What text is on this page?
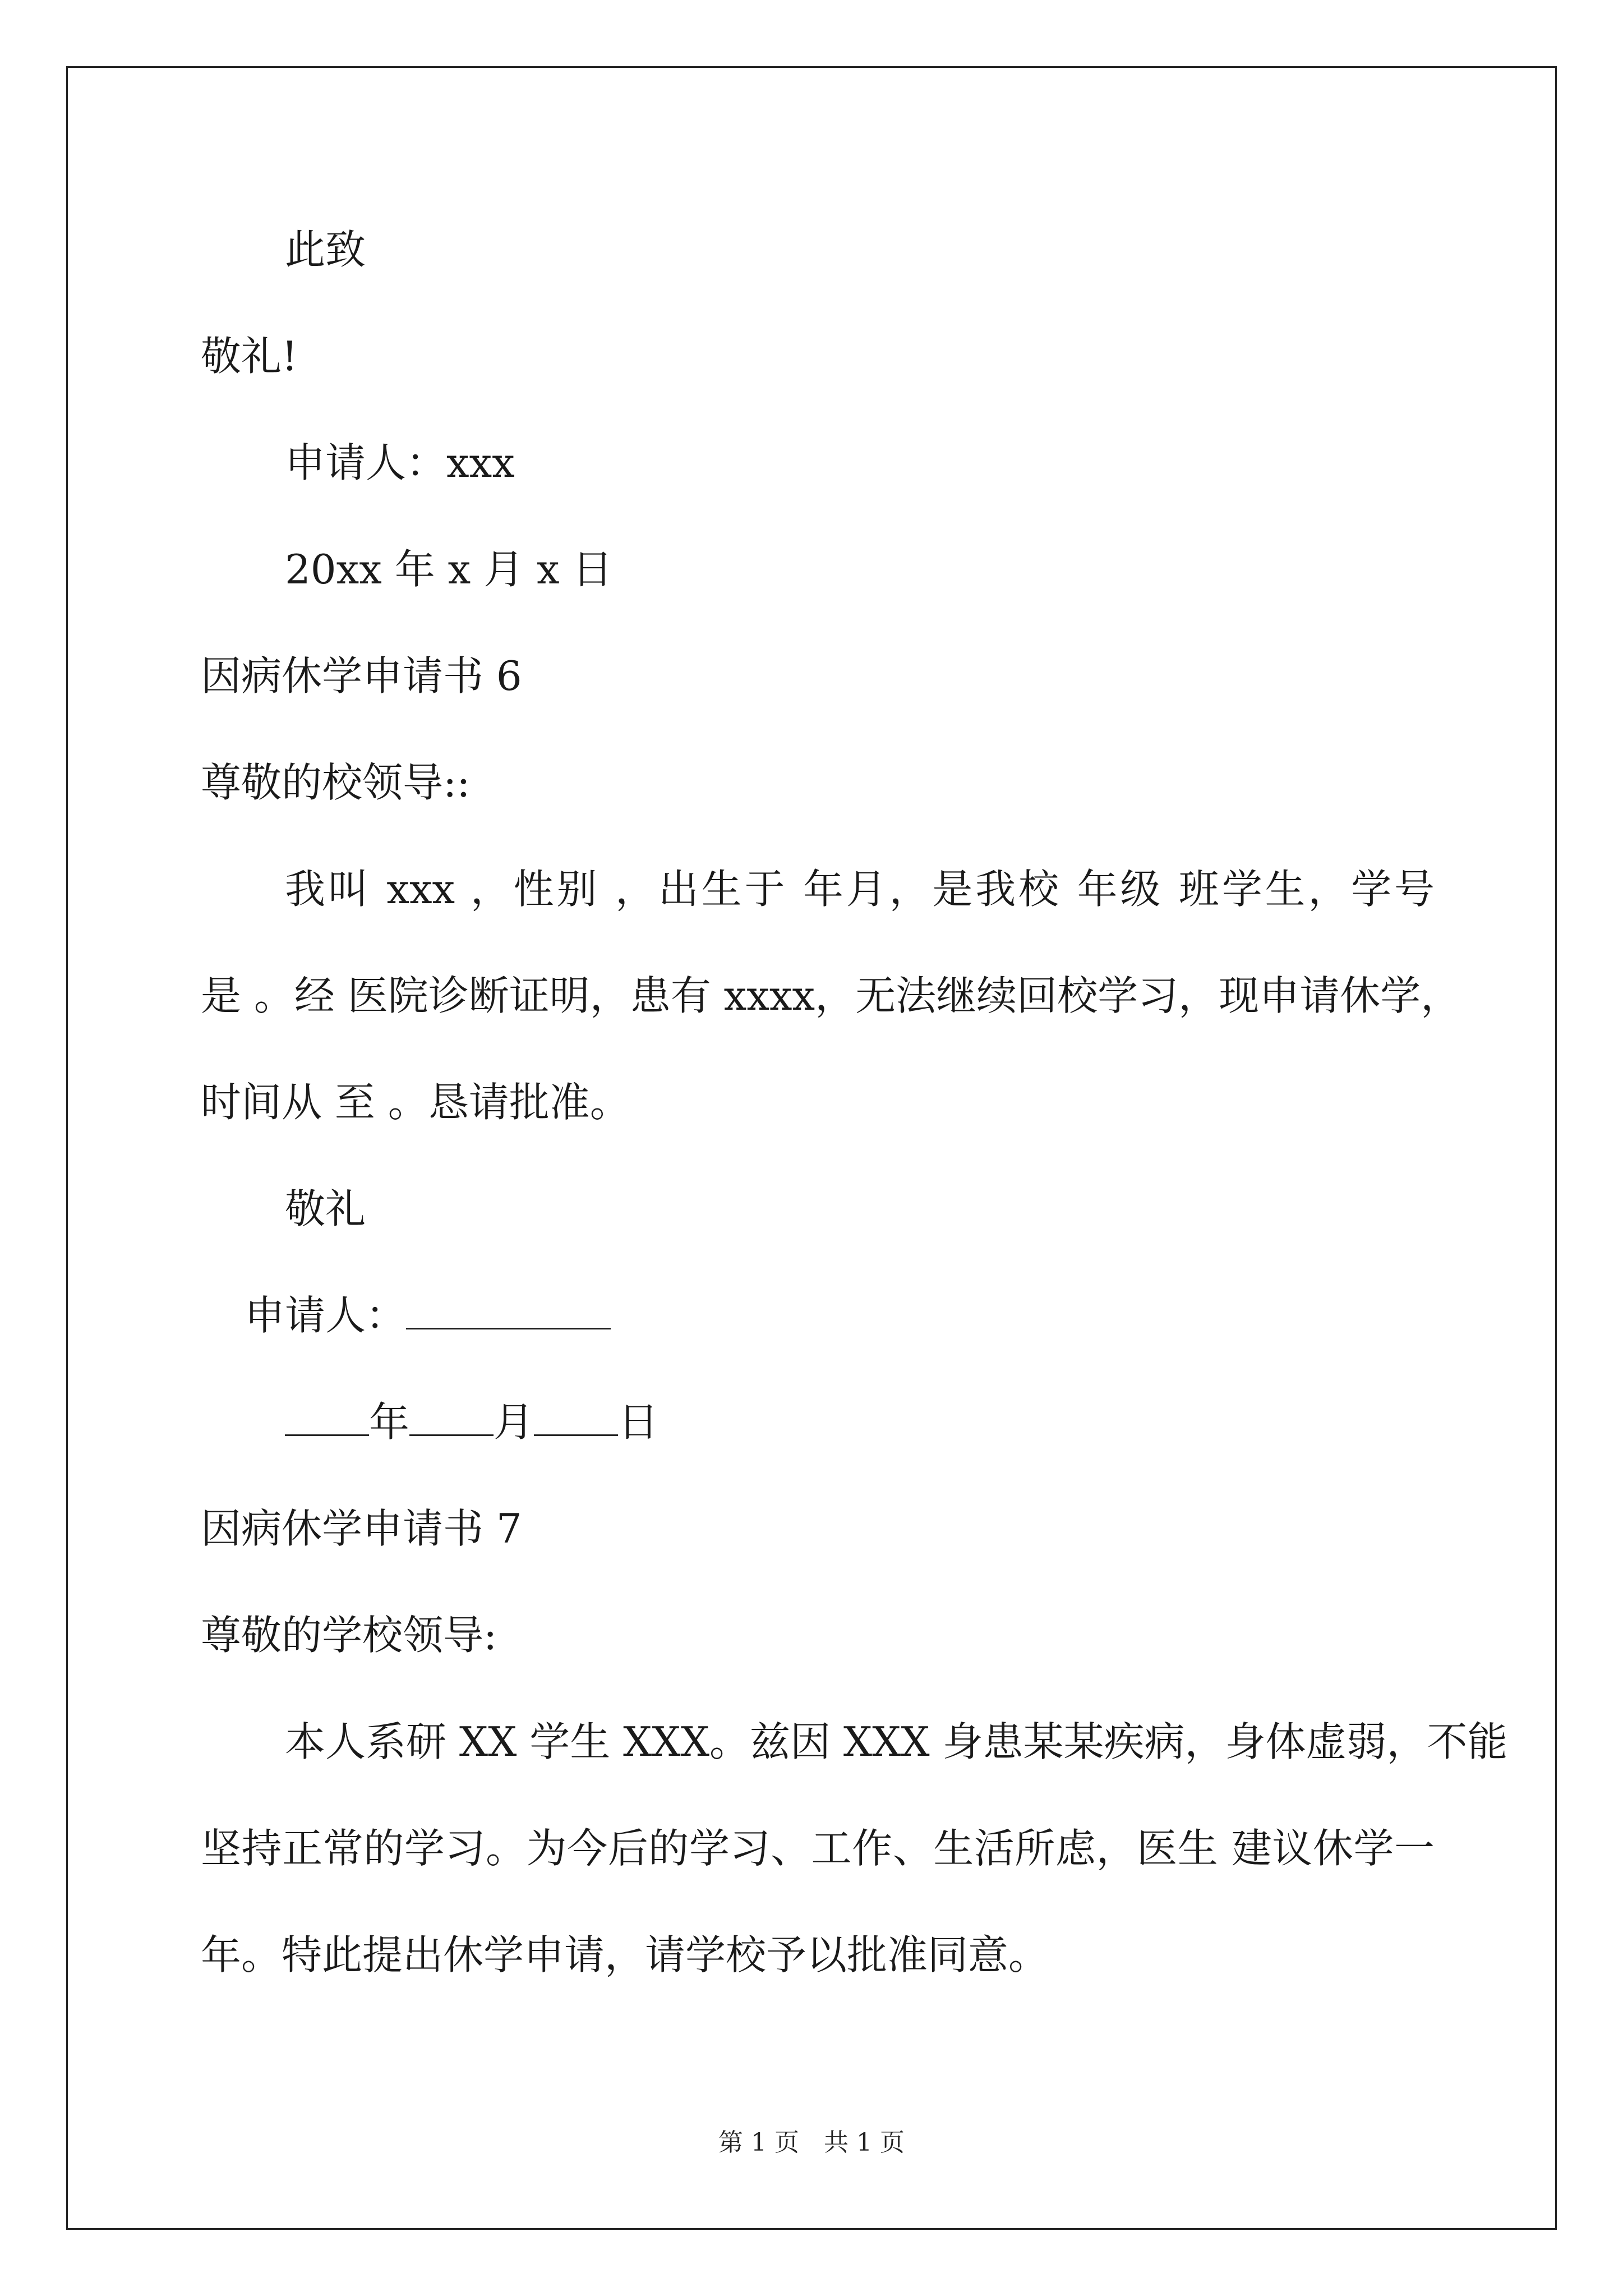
此致
敬礼!
申请人：xxx
20xx 年 x 月 x 日
因病休学申请书 6
尊敬的校领导::
我叫 xxx ，性别 ，出生于 年月，是我校 年级 班学生，学号
是 。经 医院诊断证明，患有 xxxx，无法继续回校学习，现申请休学，
时间从 至 。恳请批准。
敬礼
申请人：
年 月 日
因病休学申请书 7
尊敬的学校领导:
本人系研 XX 学生 XXX。兹因 XXX 身患某某疾病，身体虚弱，不能
坚持正常的学习。为今后的学习、工作、生活所虑，医生 建议休学一
年。特此提出休学申请，请学校予以批准同意。
第 1 页　共 1 页
